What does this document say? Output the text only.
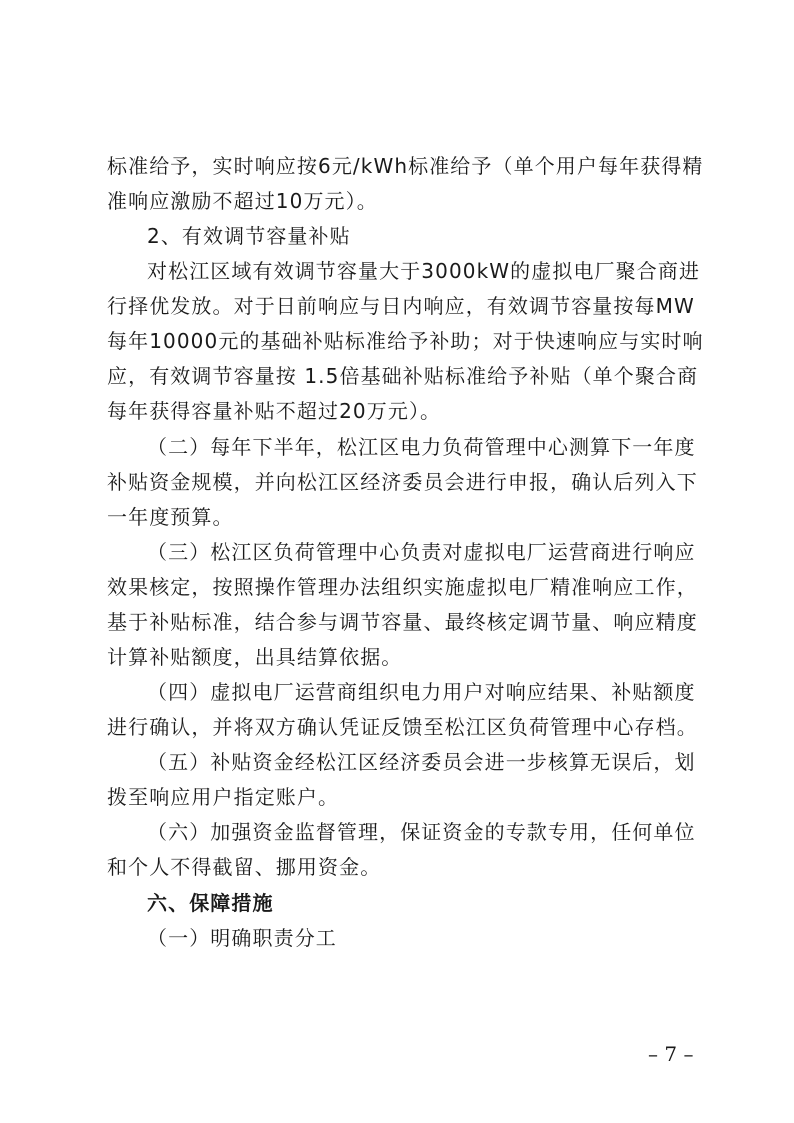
标准给予，实时响应按6元/kWh标准给予（单个用户每年获得精
准响应激励不超过10万元）。
2、有效调节容量补贴
对松江区域有效调节容量大于3000kW的虚拟电厂聚合商进
行择优发放。对于日前响应与日内响应，有效调节容量按每MW
每年10000元的基础补贴标准给予补助；对于快速响应与实时响
应，有效调节容量按 1.5倍基础补贴标准给予补贴（单个聚合商
每年获得容量补贴不超过20万元）。
（二）每年下半年，松江区电力负荷管理中心测算下一年度
补贴资金规模，并向松江区经济委员会进行申报，确认后列入下
一年度预算。
（三）松江区负荷管理中心负责对虚拟电厂运营商进行响应
效果核定，按照操作管理办法组织实施虚拟电厂精准响应工作，
基于补贴标准，结合参与调节容量、最终核定调节量、响应精度
计算补贴额度，出具结算依据。
（四）虚拟电厂运营商组织电力用户对响应结果、补贴额度
进行确认，并将双方确认凭证反馈至松江区负荷管理中心存档。
（五）补贴资金经松江区经济委员会进一步核算无误后，划
拨至响应用户指定账户。
（六）加强资金监督管理，保证资金的专款专用，任何单位
和个人不得截留、挪用资金。
六、保障措施
（一）明确职责分工
– 7 –
